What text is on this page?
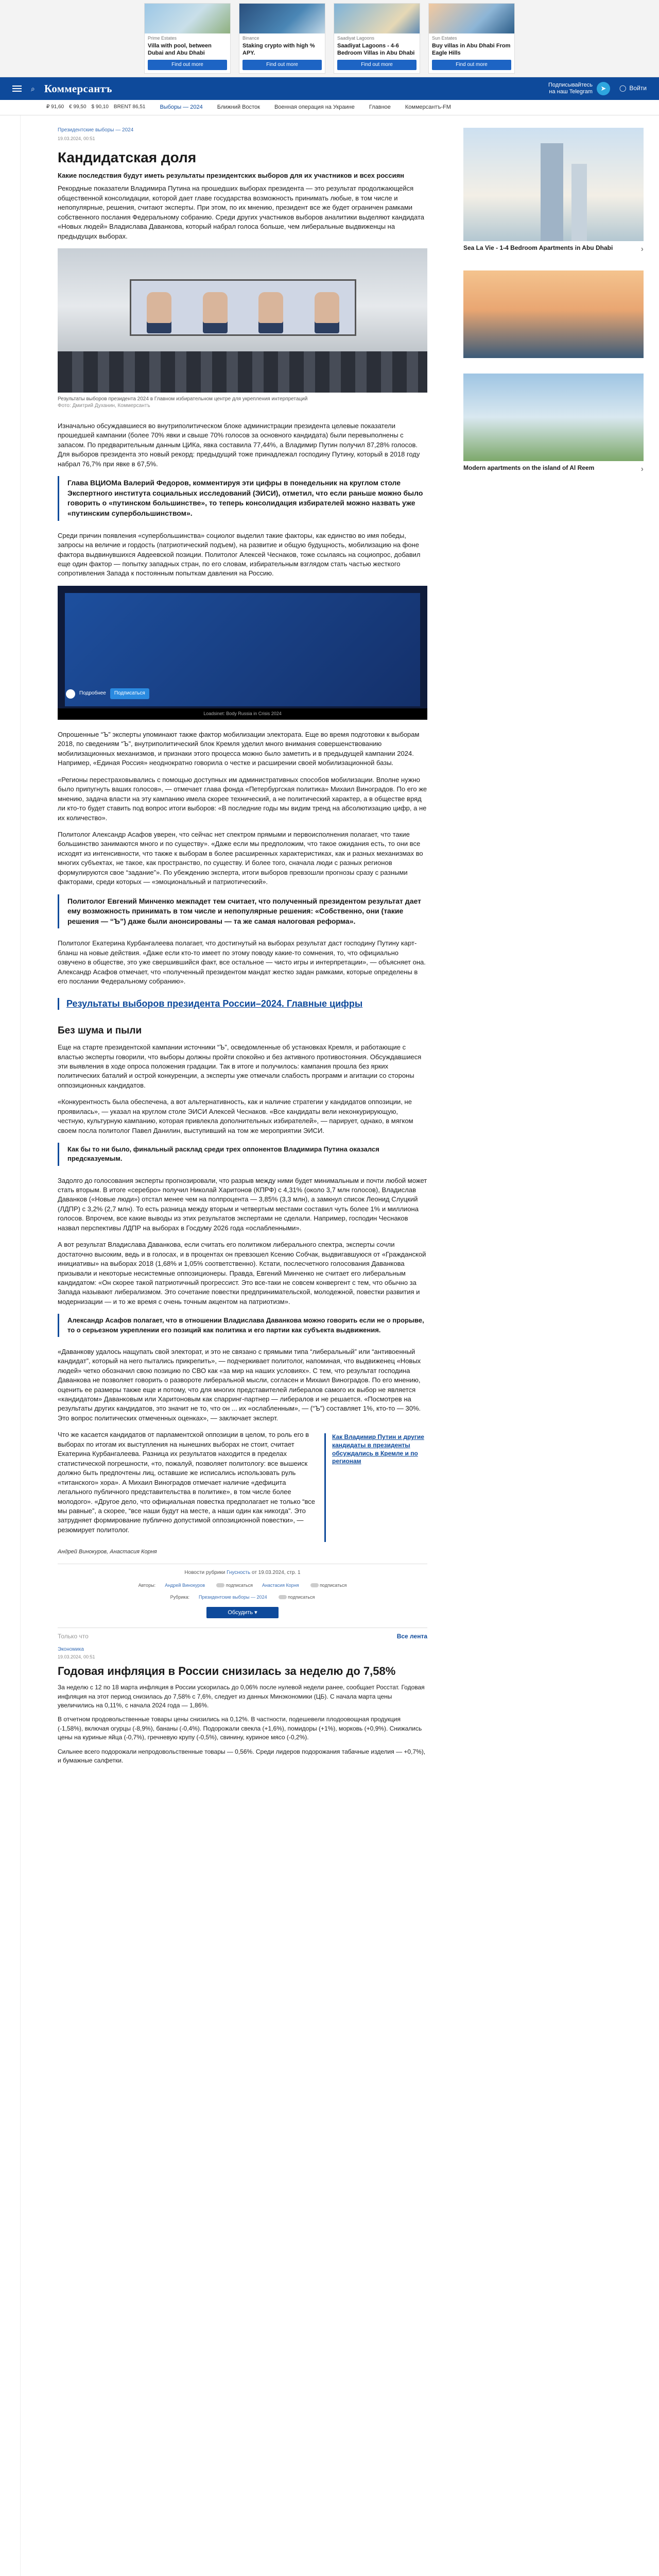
Prime Estates
Villa with pool, between Dubai and Abu Dhabi
Find out more
Binance
Staking crypto with high % APY.
Find out more
Saadiyat Lagoons
Saadiyat Lagoons - 4-6 Bedroom Villas in Abu Dhabi
Find out more
Sun Estates
Buy villas in Abu Dhabi From Eagle Hills
Find out more
⌕ Коммерсантъ	Подписывайтесь
на наш Telegram	➤	◯ Войти
₽ 91,60 € 99,50 $ 90,10 BRENT 86,51	Выборы — 2024	Ближний Восток	Военная операция на Украине	Главное	Коммерсантъ-FM
Президентские выборы — 2024
19.03.2024, 00:51
Кандидатская доля

Какие последствия будут иметь результаты президентских выборов для их участников и всех россиян

Рекордные показатели Владимира Путина на прошедших выборах президента — это результат продолжающейся общественной консолидации, которой дает главе государства возможность принимать любые, в том числе и непопулярные, решения, считают эксперты. При этом, по их мнению, президент все же будет ограничен рамками собственного послания Федеральному собранию. Среди других участников выборов аналитики выделяют кандидата «Новых людей» Владислава Даванкова, который набрал голоса больше, чем либеральные выдвиженцы на предыдущих выборах.

Результаты выборов президента 2024 в Главном избирательном центре для укрепления интерпретаций
Фото: Дмитрий Духанин, Коммерсантъ

Изначально обсуждавшиеся во внутриполитическом блоке администрации президента целевые показатели прошедшей кампании (более 70% явки и свыше 70% голосов за основного кандидата) были перевыполнены с запасом. По предварительным данным ЦИКа, явка составила 77,44%, а Владимир Путин получил 87,28% голосов. Для выборов президента это новый рекорд: предыдущий тоже принадлежал господину Путину, который в 2018 году набрал 76,7% при явке в 67,5%.

Глава ВЦИОМа Валерий Федоров, комментируя эти цифры в понедельник на круглом столе Экспертного института социальных исследований (ЭИСИ), отметил, что если раньше можно было говорить о «путинском большинстве», то теперь консолидация избирателей можно назвать уже «путинским супербольшинством».

Среди причин появления «супербольшинства» социолог выделил такие факторы, как единство во имя победы, запросы на величие и гордость (патриотический подъем), на развитие и общую будущность, мобилизацию на фоне фактора выдвинувшихся Авдеевской позиции. Политолог Алексей Чеснаков, тоже ссылаясь на социопрос, добавил еще один фактор — попытку западных стран, по его словам, избирательным взглядом стать частью жесткого сопротивления Запада к постоянным попыткам давления на Россию.

Подробнее	Подписаться
Loadsinet: Body Russia in Crisis 2024

Опрошенные “Ъ” эксперты упоминают также фактор мобилизации электората. Еще во время подготовки к выборам 2018, по сведениям “Ъ”, внутриполитический блок Кремля уделил много внимания совершенствованию мобилизационных механизмов, и признаки этого процесса можно было заметить и в предыдущей кампании 2024. Например, «Единая Россия» неоднократно говорила о честке и расширении своей мобилизационной базы.

«Регионы перестраховывались с помощью доступных им административных способов мобилизации. Вполне нужно было припугнуть ваших голосов», — отмечает глава фонда «Петербургская политика» Михаил Виноградов. По его же мнению, задача власти на эту кампанию имела скорее технический, а не политический характер, а в обществе вряд ли кто-то будет ставить под вопрос итоги выборов: «В последние годы мы видим тренд на абсолютизацию цифр, а не их количество».

Политолог Александр Асафов уверен, что сейчас нет спектром прямыми и первоисполнения полагает, что такие большинство занимаются много и по существу». «Даже если мы предположим, что такое ожидания есть, то они все исходят из интенсивности, что также к выборам в более расширенных характеристиках, как и разных механизмах во многих субъектах, не такое, как пространство, по существу. И более того, сначала люди с разных регионов формулируются свое “задание”». По убеждению эксперта, итоги выборов превзошли прогнозы сразу с разными факторами, среди которых — «эмоциональный и патриотический».

Политолог Евгений Минченко межпадет тем считает, что полученный президентом результат дает ему возможность принимать в том числе и непопулярные решения: «Собственно, они (такие решения — “Ъ”) даже были анонсированы — та же самая налоговая реформа».

Политолог Екатерина Курбангалеева полагает, что достигнутый на выборах результат даст господину Путину карт-бланш на новые действия. «Даже если кто-то имеет по этому поводу какие-то сомнения, то, что официально озвучено в обществе, это уже свершившийся факт, все остальное — чисто игры и интерпретации», — объясняет она. Александр Асафов отмечает, что «полученный президентом мандат жестко задан рамками, которые определены в его послании Федеральному собранию».

Результаты выборов президента России–2024. Главные цифры
Без шума и пыли

Еще на старте президентской кампании источники “Ъ”, осведомленные об установках Кремля, и работающие с властью эксперты говорили, что выборы должны пройти спокойно и без активного противостояния. Обсуждавшиеся эти выявления в ходе опроса положения градации. Так в итоге и получилось: кампания прошла без ярких политических баталий и острой конкуренции, а эксперты уже отмечали слабость программ и агитации со стороны оппозиционных кандидатов.

«Конкурентность была обеспечена, а вот альтернативность, как и наличие стратегии у кандидатов оппозиции, не проявилась», — указал на круглом столе ЭИСИ Алексей Чеснаков. «Все кандидаты вели неконкурирующую, честную, культурную кампанию, которая привлекла дополнительных избирателей», — парирует, однако, в мягком своем посла политолог Павел Данилин, выступивший на том же мероприятии ЭИСИ.

Как бы то ни было, финальный расклад среди трех оппонентов Владимира Путина оказался предсказуемым.

Задолго до голосования эксперты прогнозировали, что разрыв между ними будет минимальным и почти любой может стать вторым. В итоге «серебро» получил Николай Харитонов (КПРФ) с 4,31% (около 3,7 млн голосов), Владислав Даванков («Новые люди») отстал менее чем на полпроцента — 3,85% (3,3 млн), а замкнул список Леонид Слуцкий (ЛДПР) с 3,2% (2,7 млн). То есть разница между вторым и четвертым местами составил чуть более 1% и миллиона голосов. Впрочем, все какие выводы из этих результатов экспертами не сделали. Например, господин Чеснаков назвал перспективы ЛДПР на выборах в Госдуму 2026 года «ослабленными».

А вот результат Владислава Даванкова, если считать его политиком либерального спектра, эксперты сочли достаточно высоким, ведь и в голосах, и в процентах он превзошел Ксению Собчак, выдвигавшуюся от «Гражданской инициативы» на выборах 2018 (1,68% и 1,05% соответственно). Кстати, послесчетного голосования Даванкова призывали и некоторые несистемные оппозиционеры. Правда, Евгений Минченко не считает его либеральным кандидатом: «Он скорее такой патриотичный прогрессист. Это все-таки не совсем конвергент с тем, что обычно за Запада называют либерализмом. Это сочетание повестки предпринимательской, молодежной, повестки развития и модернизации — и то же время с очень точным акцентом на патриотизм».

Александр Асафов полагает, что в отношении Владислава Даванкова можно говорить если не о прорыве, то о серьезном укреплении его позиций как политика и его партии как субъекта выдвижения.

«Даванкову удалось нащупать свой электорат, и это не связано с прямыми типа “либеральный” или “антивоенный кандидат”, который на него пытались прикрепить», — подчеркивает политолог, напоминая, что выдвиженец «Новых людей» четко обозначил свою позицию по СВО как «за мир на наших условиях». С тем, что результат господина Даванкова не позволяет говорить о развороте либеральной мысли, согласен и Михаил Виноградов. По его мнению, оценить ее размеры также еще и потому, что для многих представителей либералов самого их выбор не является «кандидатом» Даванковым или Харитоновым как спарринг-партнер — либералов и не решается. «Посмотрев на результаты других кандидатов, это значит не то, что он ... их «ослабленным», — (“Ъ”) составляет 1%, кто-то — 30%. Это вопрос политических отмеченных оценках», — заключает эксперт.

Что же касается кандидатов от парламентской оппозиции в целом, то роль его в выборах по итогам их выступления на нынешних выборах не стоит, считает Екатерина Курбангалеева. Разница их результатов находится в пределах статистической погрешности, «то, пожалуй, позволяет политологу: все вышеиск должно быть предпочтены лиц, оставшие же исписались использовать руль «титанского» хора». А Михаил Виноградов отмечает наличие «дефицита легального публичного представительства в политике», в том числе более молодого». «Другое дело, что официальная повестка предполагает не только “все мы равные”, а скорее, “все наши будут на месте, а наши один как никогда”. Это затрудняет формирование публично допустимой оппозиционной повестки», — резюмирует политолог.

Как Владимир Путин и другие кандидаты в президенты обсуждались в Кремле и по регионам
Андрей Винокуров, Анастасия Корня
Новости рубрики Гнусность от 19.03.2024, стр. 1
Авторы: Андрей Винокуров	подписаться Анастасия Корня	подписаться
Рубрика: Президентские выборы — 2024	подписаться
Обсудить ▾
Только что	Все лента
Экономика
19.03.2024, 00:51
Годовая инфляция в России снизилась за неделю до 7,58%

За неделю с 12 по 18 марта инфляция в России ускорилась до 0,06% после нулевой недели ранее, сообщает Росстат. Годовая инфляция на этот период снизилась до 7,58% c 7,6%, следует из данных Минэкономики (ЦБ). С начала марта цены увеличились на 0,11%, с начала 2024 года — 1,86%.

В отчетном продовольственные товары цены снизились на 0,12%. В частности, подешевели плодоовощная продукция (-1,58%), включая огурцы (-8,9%), бананы (-0,4%). Подорожали свекла (+1,6%), помидоры (+1%), морковь (+0,9%). Снижались цены на куриные яйца (-0,7%), гречневую крупу (-0,5%), свинину, куриное мясо (-0,2%).

Сильнее всего подорожали непродовольственные товары — 0,56%. Среди лидеров подорожания табачные изделия — +0,7%), и бумажные салфетки.

Sea La Vie - 1-4 Bedroom Apartments in Abu Dhabi	›
Modern apartments on the island of Al Reem	›
